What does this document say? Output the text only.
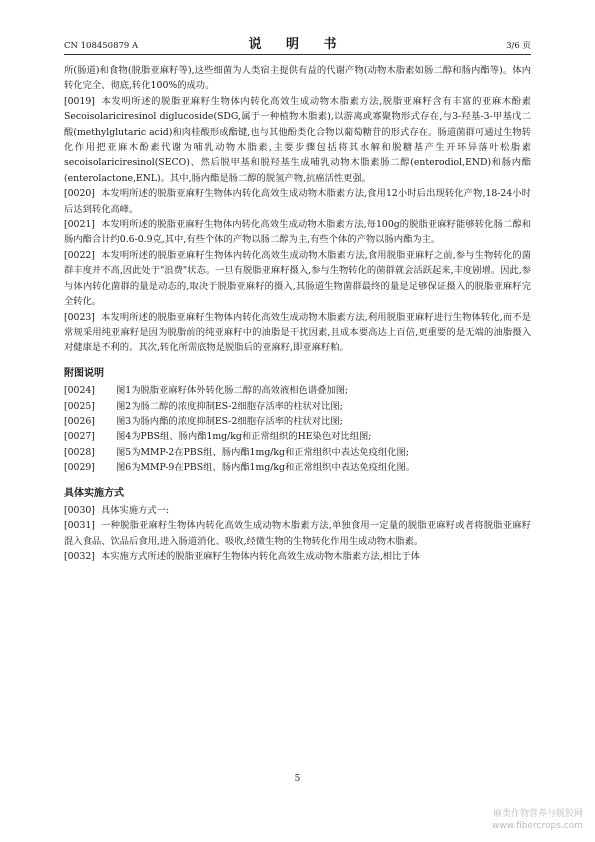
CN 108450879 A	说 明 书	3/6 页

所(肠道)和食物(脱脂亚麻籽等),这些细菌为人类宿主提供有益的代谢产物(动物木脂素如肠二醇和肠内酯等)。体内转化完全、彻底,转化100%的成功。

[0019] 本发明所述的脱脂亚麻籽生物体内转化高效生成动物木脂素方法,脱脂亚麻籽含有丰富的亚麻木酚素Secoisolariciresinol diglucoside(SDG,属于一种植物木脂素),以游离或寡聚物形式存在,与3-羟基-3-甲基戊二酸(methylglutaric acid)和肉桂酸形成酯键,也与其他酚类化合物以葡萄糖苷的形式存在。肠道菌群可通过生物转化作用把亚麻木酚素代谢为哺乳动物木脂素,主要步骤包括将其水解和脱糖基产生开环异落叶松脂素secoisolariciresinol(SECO)、然后脱甲基和脱羟基生成哺乳动物木脂素肠二醇(enterodiol,END)和肠内酯(enterolactone,ENL)。其中,肠内酯是肠二醇的脱氢产物,抗癌活性更强。

[0020] 本发明所述的脱脂亚麻籽生物体内转化高效生成动物木脂素方法,食用12小时后出现转化产物,18-24小时后达到转化高峰。

[0021] 本发明所述的脱脂亚麻籽生物体内转化高效生成动物木脂素方法,每100g的脱脂亚麻籽能够转化肠二醇和肠内酯合计约0.6-0.9克,其中,有些个体的产物以肠二醇为主,有些个体的产物以肠内酯为主。

[0022] 本发明所述的脱脂亚麻籽生物体内转化高效生成动物木脂素方法,食用脱脂亚麻籽之前,参与生物转化的菌群丰度并不高,因此处于"浪费"状态。一旦有脱脂亚麻籽摄入,参与生物转化的菌群就会活跃起来,丰度剧增。因此,参与体内转化菌群的量是动态的,取决于脱脂亚麻籽的摄入,其肠道生物菌群最终的量是足够保证摄入的脱脂亚麻籽完全转化。

[0023] 本发明所述的脱脂亚麻籽生物体内转化高效生成动物木脂素方法,利用脱脂亚麻籽进行生物体转化,而不是常规采用纯亚麻籽是因为脱脂前的纯亚麻籽中的油脂是干扰因素,且成本要高达上百倍,更重要的是无端的油脂摄入对健康是不利的。其次,转化所需底物是脱脂后的亚麻籽,即亚麻籽粕。

附图说明
[0024] 图1为脱脂亚麻籽体外转化肠二醇的高效液相色谱叠加图;
[0025] 图2为肠二醇的浓度抑制ES-2细胞存活率的柱状对比图;
[0026] 图3为肠内酯的浓度抑制ES-2细胞存活率的柱状对比图;
[0027] 图4为PBS组、肠内酯1mg/kg和正常组织的HE染色对比组图;
[0028] 图5为MMP-2在PBS组、肠内酯1mg/kg和正常组织中表达免疫组化图;
[0029] 图6为MMP-9在PBS组、肠内酯1mg/kg和正常组织中表达免疫组化图。
具体实施方式

[0030] 具体实施方式一:

[0031] 一种脱脂亚麻籽生物体内转化高效生成动物木脂素方法,单独食用一定量的脱脂亚麻籽或者将脱脂亚麻籽混入食品、饮品后食用,进入肠道消化、吸收,经微生物的生物转化作用生成动物木脂素。

[0032] 本实施方式所述的脱脂亚麻籽生物体内转化高效生成动物木脂素方法,相比于体

5
麻类作物营养与脱胶网
www.fibercrops.com
